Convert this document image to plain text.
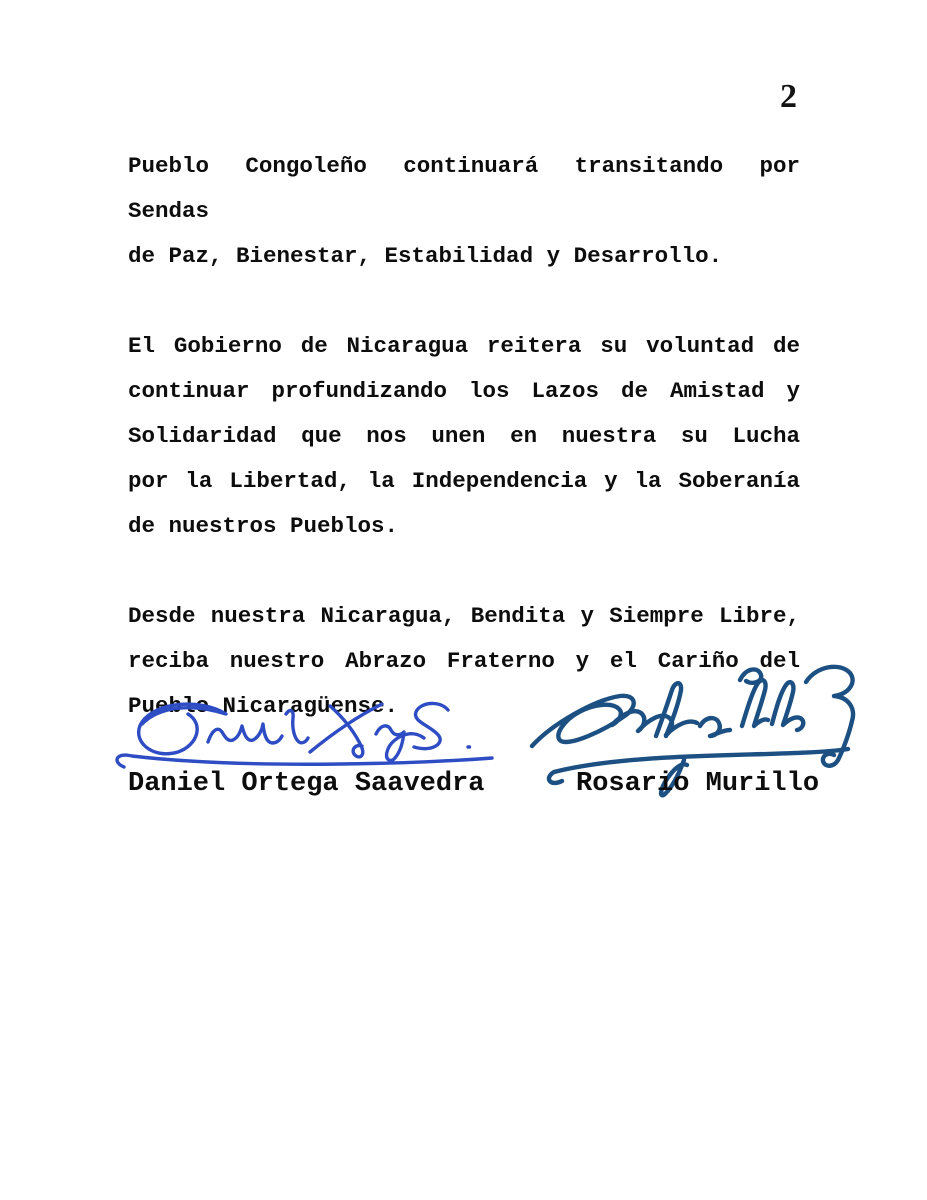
2
Pueblo Congoleño continuará transitando por Sendas
de Paz, Bienestar, Estabilidad y Desarrollo.
El Gobierno de Nicaragua reitera su voluntad de
continuar profundizando los Lazos de Amistad y
Solidaridad que nos unen en nuestra su Lucha
por la Libertad, la Independencia y la Soberanía
de nuestros Pueblos.
Desde nuestra Nicaragua, Bendita y Siempre Libre,
reciba nuestro Abrazo Fraterno y el Cariño del
Pueblo Nicaragüense.
Daniel Ortega Saavedra	Rosario Murillo
